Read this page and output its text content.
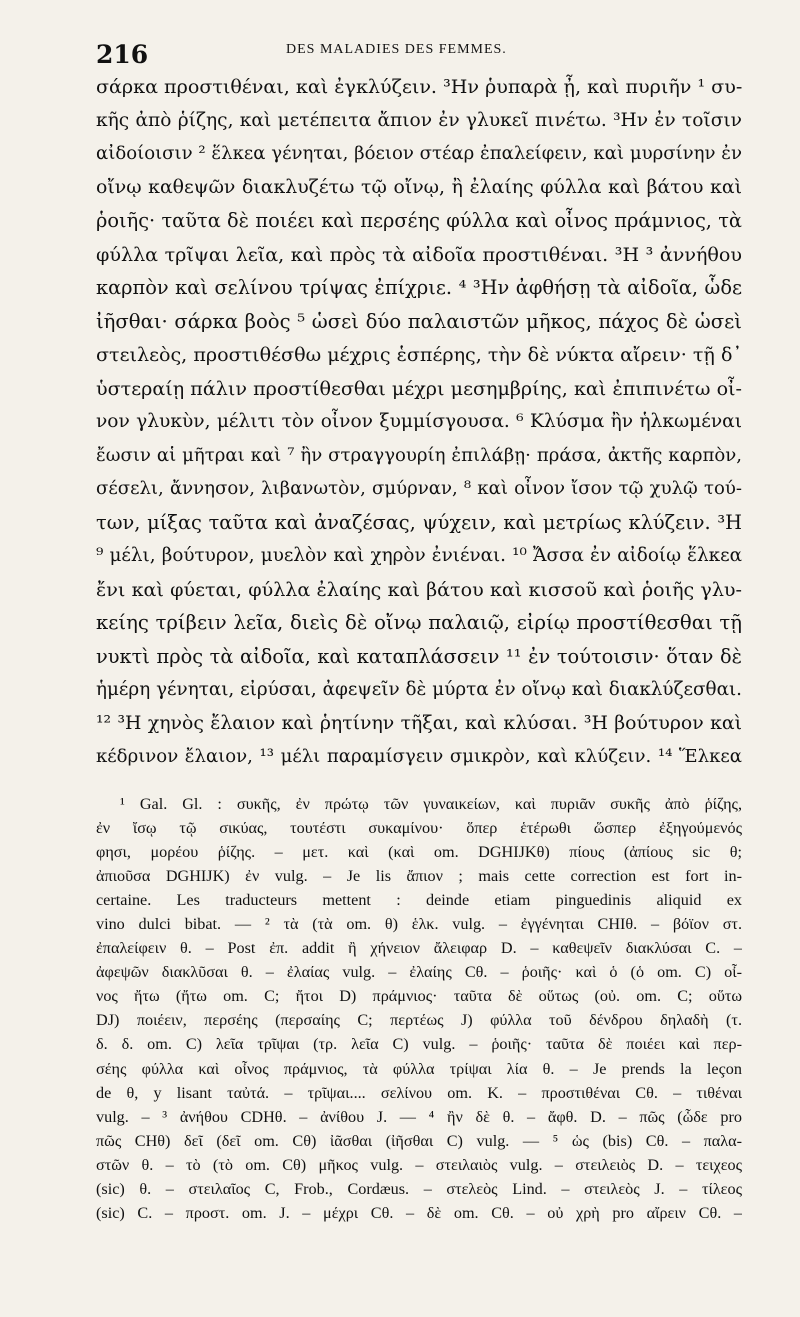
216	DES MALADIES DES FEMMES.
σάρκα προστιθέναι, καὶ ἐγκλύζειν. ³Ην ῥυπαρὰ ᾖ, καὶ πυριῆν ¹ συ-
κῆς ἀπὸ ῥίζης, καὶ μετέπειτα ἄπιον ἐν γλυκεῖ πινέτω. ³Ην ἐν τοῖσιν
αἰδοίοισιν ² ἕλκεα γένηται, βόειον στέαρ ἐπαλείφειν, καὶ μυρσίνην ἐν
οἴνῳ καθεψῶν διακλυζέτω τῷ οἴνῳ, ἢ ἐλαίης φύλλα καὶ βάτου καὶ
ῥοιῆς· ταῦτα δὲ ποιέει καὶ περσέης φύλλα καὶ οἶνος πράμνιος, τὰ
φύλλα τρῖψαι λεῖα, καὶ πρὸς τὰ αἰδοῖα προστιθέναι. ³Η ³ ἀννήθου
καρπὸν καὶ σελίνου τρίψας ἐπίχριε. ⁴ ³Ην ἀφθήσῃ τὰ αἰδοῖα, ὧδε
ἰῆσθαι· σάρκα βοὸς ⁵ ὡσεὶ δύο παλαιστῶν μῆκος, πάχος δὲ ὡσεὶ
στειλεὸς, προστιθέσθω μέχρις ἑσπέρης, τὴν δὲ νύκτα αἴρειν· τῇ δ᾽
ὑστεραίῃ πάλιν προστίθεσθαι μέχρι μεσημβρίης, καὶ ἐπιπινέτω οἶ-
νον γλυκὺν, μέλιτι τὸν οἶνον ξυμμίσγουσα. ⁶ Κλύσμα ἢν ἡλκωμέναι
ἔωσιν αἱ μῆτραι καὶ ⁷ ἢν στραγγουρίη ἐπιλάβῃ· πράσα, ἀκτῆς καρπὸν,
σέσελι, ἄννησον, λιβανωτὸν, σμύρναν, ⁸ καὶ οἶνον ἴσον τῷ χυλῷ τού-
των, μίξας ταῦτα καὶ ἀναζέσας, ψύχειν, καὶ μετρίως κλύζειν. ³Η
⁹ μέλι, βούτυρον, μυελὸν καὶ χηρὸν ἐνιέναι. ¹⁰ Ἄσσα ἐν αἰδοίῳ ἕλκεα
ἔνι καὶ φύεται, φύλλα ἐλαίης καὶ βάτου καὶ κισσοῦ καὶ ῥοιῆς γλυ-
κείης τρίβειν λεῖα, διεὶς δὲ οἴνῳ παλαιῷ, εἰρίῳ προστίθεσθαι τῇ
νυκτὶ πρὸς τὰ αἰδοῖα, καὶ καταπλάσσειν ¹¹ ἐν τούτοισιν· ὅταν δὲ
ἡμέρη γένηται, εἰρύσαι, ἀφεψεῖν δὲ μύρτα ἐν οἴνῳ καὶ διακλύζεσθαι.
¹² ³Η χηνὸς ἔλαιον καὶ ῥητίνην τῆξαι, καὶ κλύσαι. ³Η βούτυρον καὶ
κέδρινον ἔλαιον, ¹³ μέλι παραμίσγειν σμικρὸν, καὶ κλύζειν. ¹⁴ Ἕλκεα
¹ Gal. Gl. : συκῆς, ἐν πρώτῳ τῶν γυναικείων, καὶ πυριᾶν συκῆς ἀπὸ ῥίζης,
ἐν ἴσῳ τῷ σικύας, τουτέστι συκαμίνου· ὅπερ ἑτέρωθι ὥσπερ ἐξηγούμενός
φησι, μορέου ῥίζης. – μετ. καὶ (καὶ om. DGHIJKθ) πίους (ἀπίους sic θ;
ἀπιοῦσα DGHIJK) ἐν vulg. – Je lis ἄπιον ; mais cette correction est fort in-
certaine. Les traducteurs mettent : deinde etiam pinguedinis aliquid ex
vino dulci bibat. — ² τὰ (τὰ om. θ) ἑλκ. vulg. – ἐγγένηται CHIθ. – βόϊον στ.
ἐπαλείφειν θ. – Post ἐπ. addit ἢ χήνειον ἄλειφαρ D. – καθεψεῖν διακλύσαι C. –
ἀφεψῶν διακλῦσαι θ. – ἐλαίας vulg. – ἐλαίης Cθ. – ῥοιῆς· καὶ ὁ (ὁ om. C) οἶ-
νος ἤτω (ἤτω om. C; ἤτοι D) πράμνιος· ταῦτα δὲ οὕτως (οὐ. om. C; οὕτω
DJ) ποιέειν, περσέης (περσαίης C; περτέως J) φύλλα τοῦ δένδρου δηλαδὴ (τ.
δ. δ. om. C) λεῖα τρῖψαι (τρ. λεῖα C) vulg. – ῥοιῆς· ταῦτα δὲ ποιέει καὶ περ-
σέης φύλλα καὶ οἶνος πράμνιος, τὰ φύλλα τρίψαι λία θ. – Je prends la leçon
de θ, y lisant ταὐτά. – τρῖψαι.... σελίνου om. K. – προστιθέναι Cθ. – τιθέναι
vulg. – ³ ἀνήθου CDHθ. – ἀνίθου J. — ⁴ ἢν δὲ θ. – ἄφθ. D. – πῶς (ὧδε pro
πῶς CHθ) δεῖ (δεῖ om. Cθ) ἰᾶσθαι (ἰῆσθαι C) vulg. — ⁵ ὡς (bis) Cθ. – παλα-
στῶν θ. – τὸ (τὸ om. Cθ) μῆκος vulg. – στειλαιὸς vulg. – στειλειὸς D. – τειχεος
(sic) θ. – στειλαῖος C, Frob., Cordæus. – στελεὸς Lind. – στειλεὸς J. – τίλεος
(sic) C. – προστ. om. J. – μέχρι Cθ. – δὲ om. Cθ. – οὐ χρὴ pro αἴρειν Cθ. –
